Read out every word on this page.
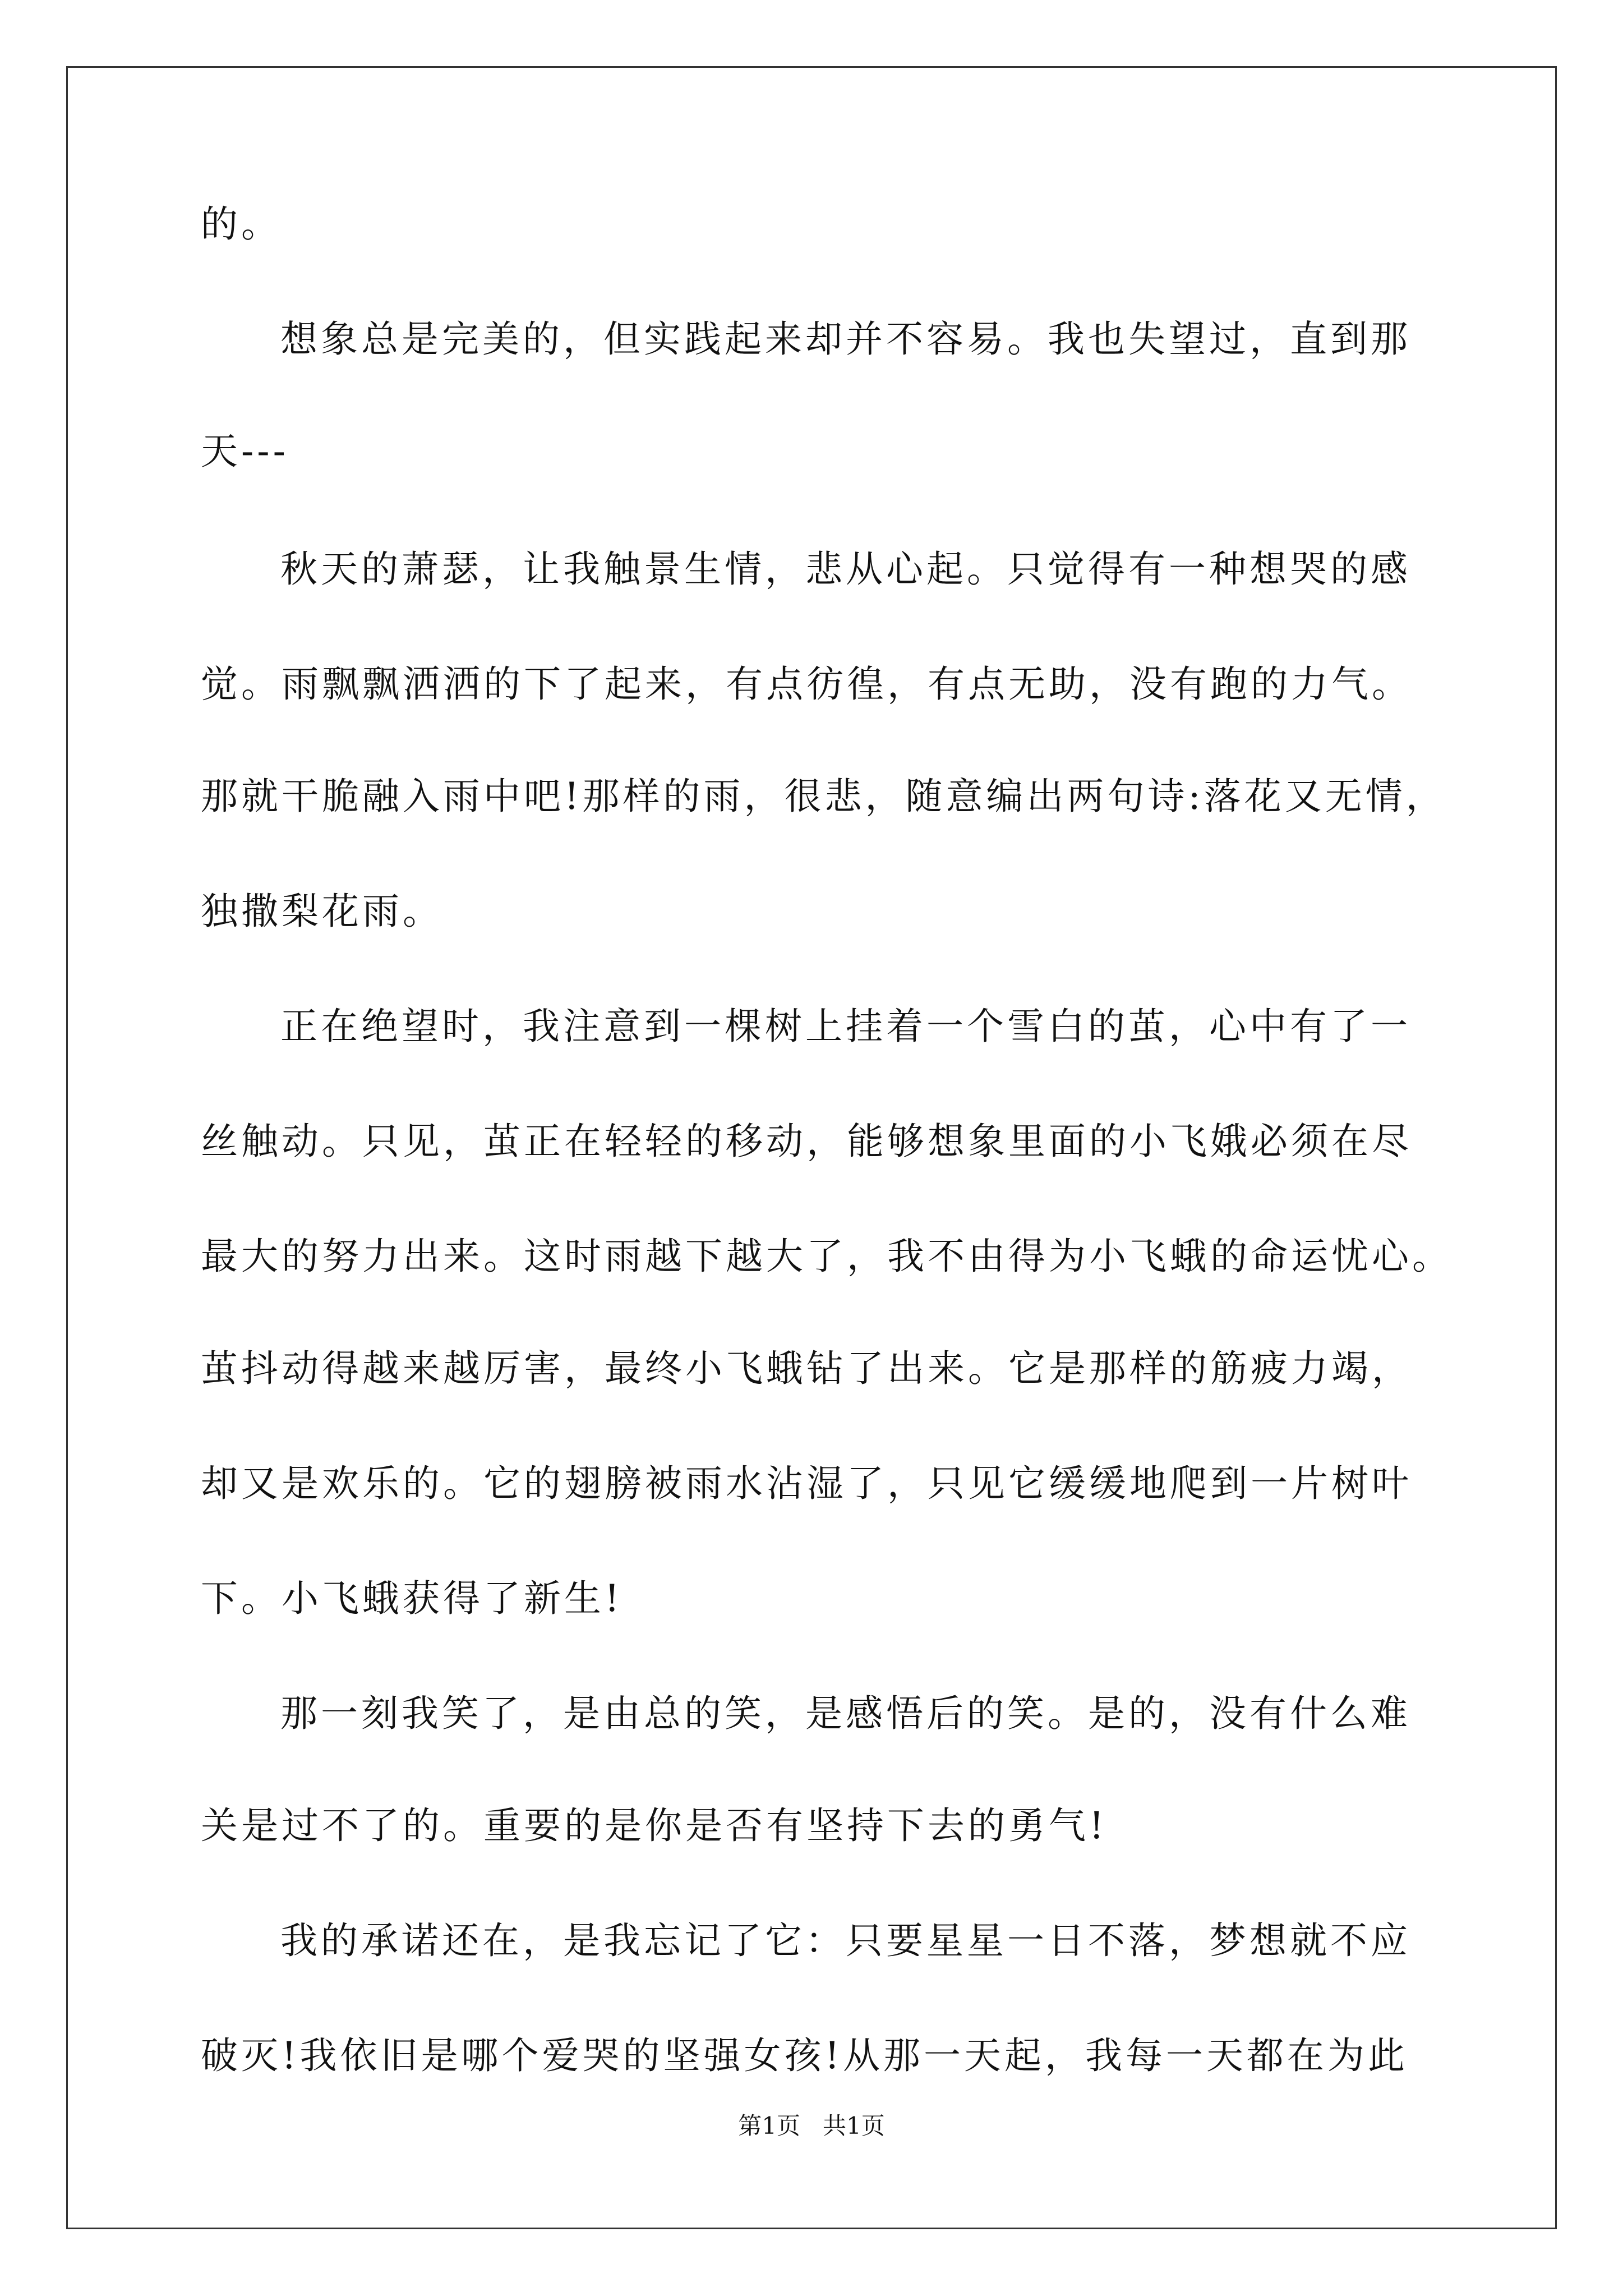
的。

想象总是完美的，但实践起来却并不容易。我也失望过，直到那

天---

秋天的萧瑟，让我触景生情，悲从心起。只觉得有一种想哭的感

觉。雨飘飘洒洒的下了起来，有点彷徨，有点无助，没有跑的力气。

那就干脆融入雨中吧!那样的雨，很悲，随意编出两句诗:落花又无情，

独撒梨花雨。

正在绝望时，我注意到一棵树上挂着一个雪白的茧，心中有了一

丝触动。只见，茧正在轻轻的移动，能够想象里面的小飞娥必须在尽

最大的努力出来。这时雨越下越大了，我不由得为小飞蛾的命运忧心。

茧抖动得越来越厉害，最终小飞蛾钻了出来。它是那样的筋疲力竭，

却又是欢乐的。它的翅膀被雨水沾湿了，只见它缓缓地爬到一片树叶

下。小飞蛾获得了新生!

那一刻我笑了，是由总的笑，是感悟后的笑。是的，没有什么难

关是过不了的。重要的是你是否有坚持下去的勇气!

我的承诺还在，是我忘记了它：只要星星一日不落，梦想就不应

破灭!我依旧是哪个爱哭的坚强女孩!从那一天起，我每一天都在为此

第1页   共1页
